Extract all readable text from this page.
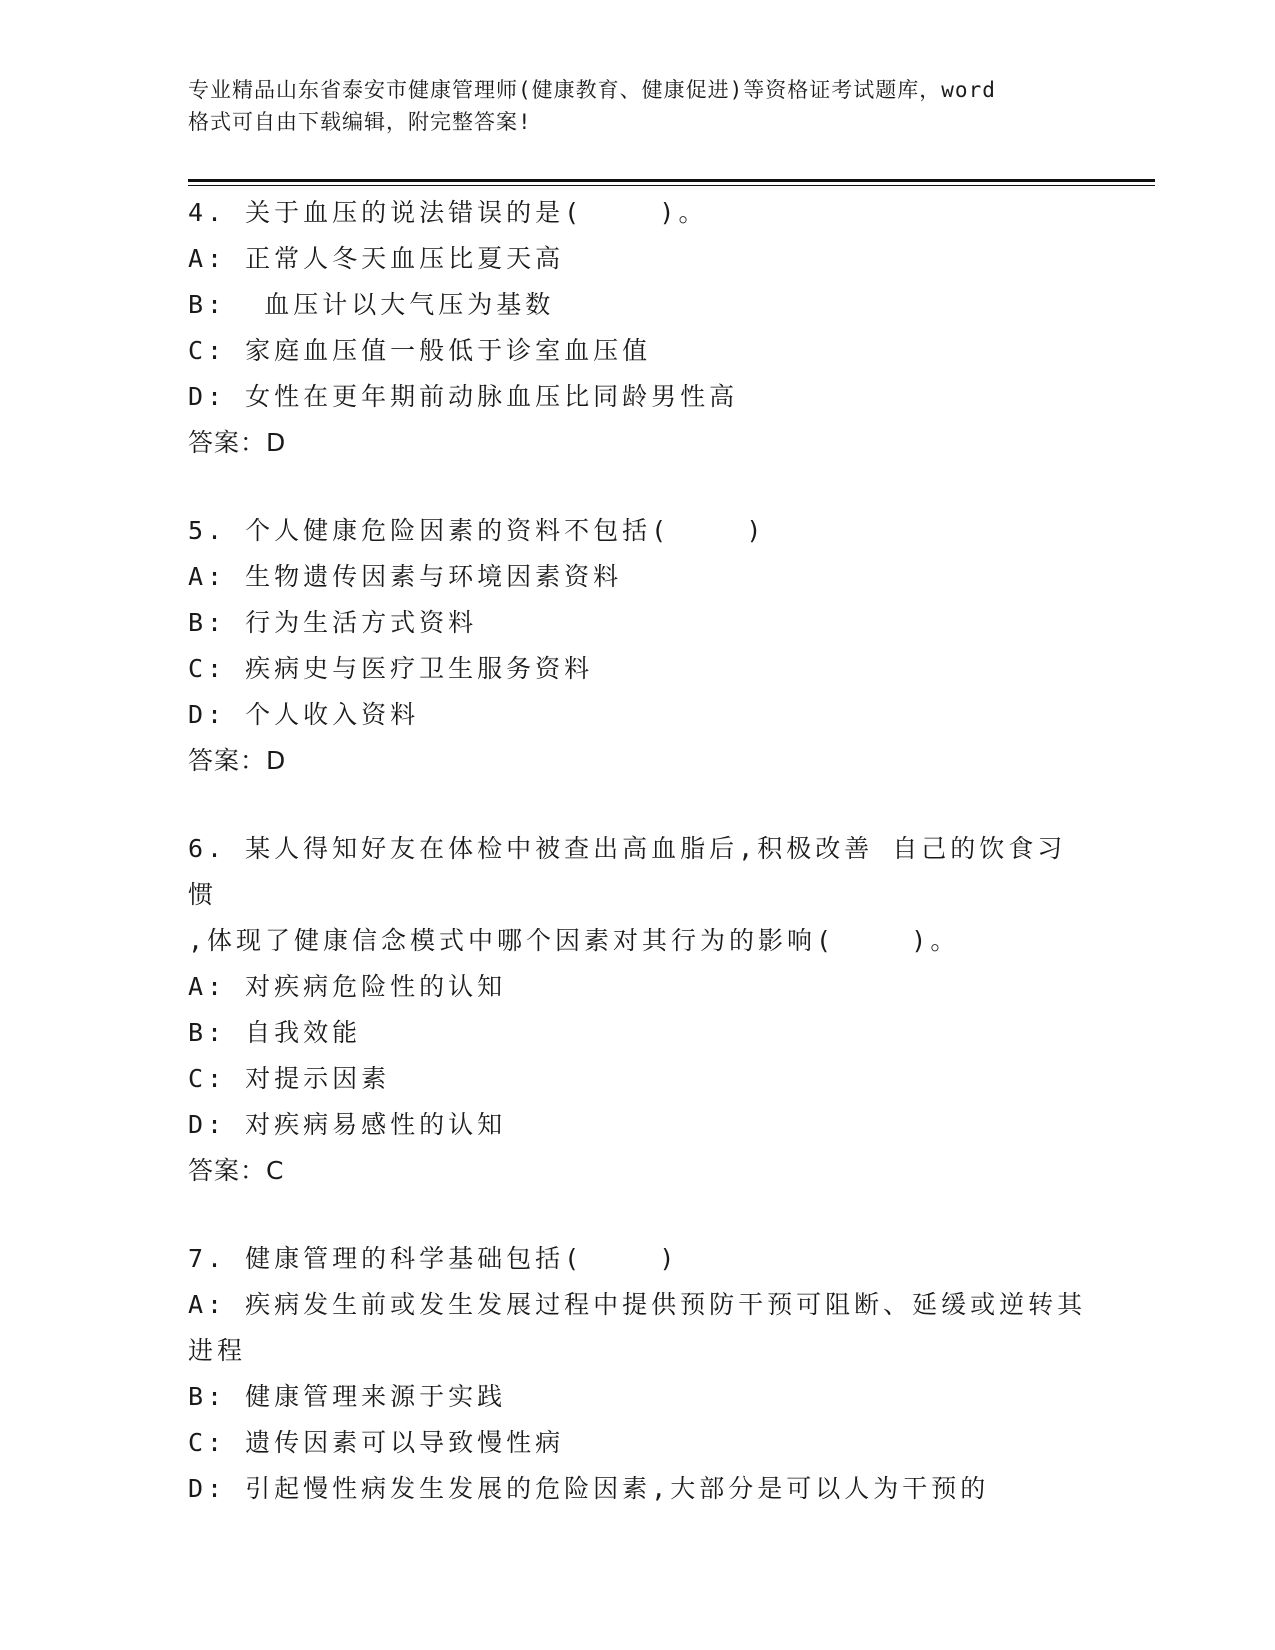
专业精品山东省泰安市健康管理师(健康教育、健康促进)等资格证考试题库，word
格式可自由下载编辑，附完整答案!
4. 关于血压的说法错误的是(    )。
A: 正常人冬天血压比夏天高
B:  血压计以大气压为基数
C: 家庭血压值一般低于诊室血压值
D: 女性在更年期前动脉血压比同龄男性高
答案：D
5. 个人健康危险因素的资料不包括(    )
A: 生物遗传因素与环境因素资料
B: 行为生活方式资料
C: 疾病史与医疗卫生服务资料
D: 个人收入资料
答案：D
6. 某人得知好友在体检中被查出高血脂后,积极改善 自己的饮食习惯
,体现了健康信念模式中哪个因素对其行为的影响(    )。
A: 对疾病危险性的认知
B: 自我效能
C: 对提示因素
D: 对疾病易感性的认知
答案：C
7. 健康管理的科学基础包括(    )
A: 疾病发生前或发生发展过程中提供预防干预可阻断、延缓或逆转其
进程
B: 健康管理来源于实践
C: 遗传因素可以导致慢性病
D: 引起慢性病发生发展的危险因素,大部分是可以人为干预的
